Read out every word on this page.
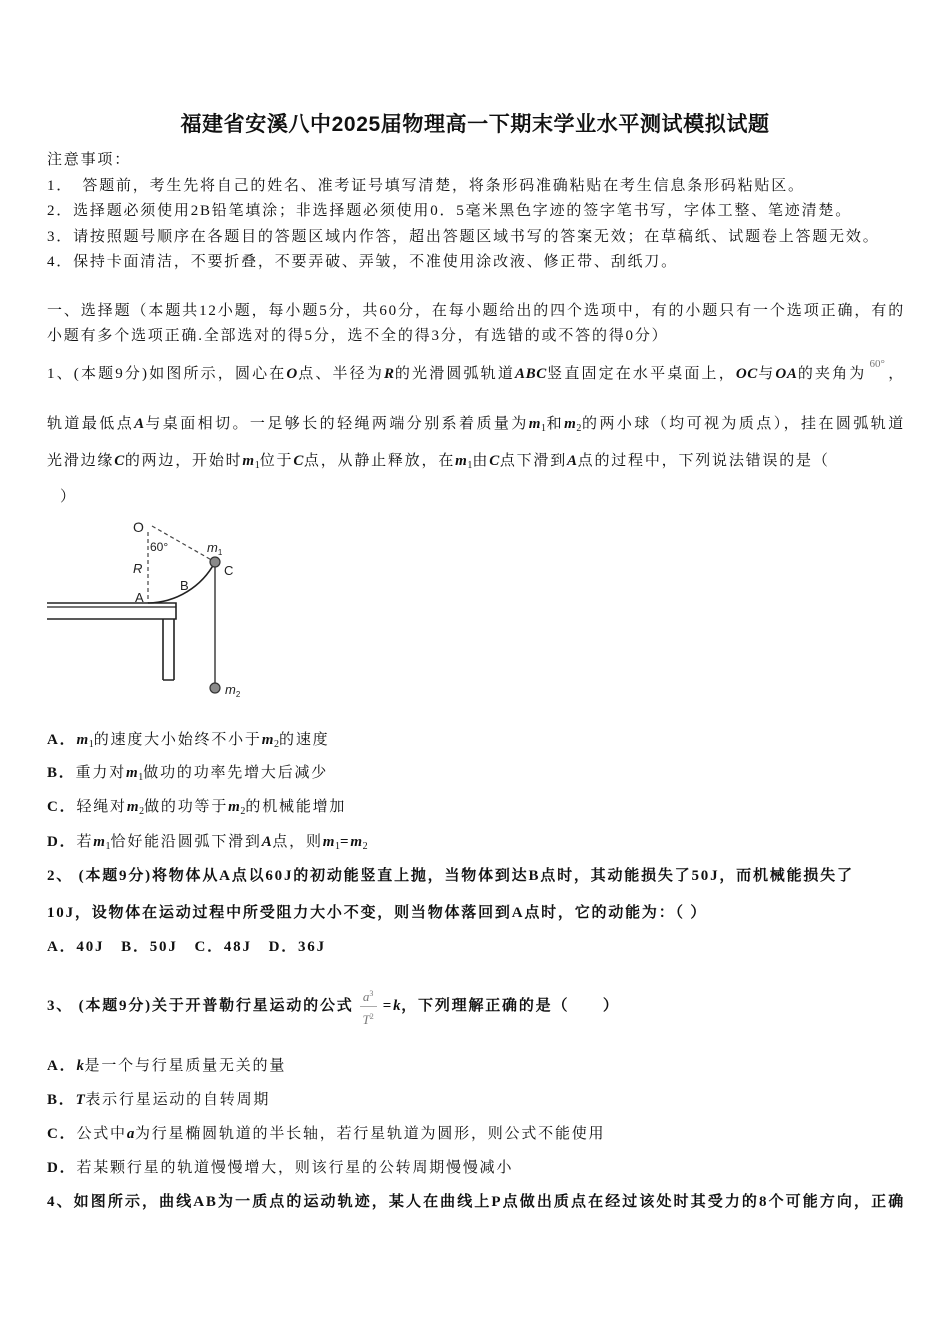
福建省安溪八中2025届物理高一下期末学业水平测试模拟试题
注意事项：
1．　答题前，考生先将自己的姓名、准考证号填写清楚，将条形码准确粘贴在考生信息条形码粘贴区。
2．选择题必须使用2B铅笔填涂；非选择题必须使用0．5毫米黑色字迹的签字笔书写，字体工整、笔迹清楚。
3．请按照题号顺序在各题目的答题区域内作答，超出答题区域书写的答案无效；在草稿纸、试题卷上答题无效。
4．保持卡面清洁，不要折叠，不要弄破、弄皱，不准使用涂改液、修正带、刮纸刀。
一、选择题（本题共12小题，每小题5分，共60分，在每小题给出的四个选项中，有的小题只有一个选项正确，有的
小题有多个选项正确.全部选对的得5分，选不全的得3分，有选错的或不答的得0分）
1、(本题9分)如图所示，圆心在O点、半径为R的光滑圆弧轨道ABC竖直固定在水平桌面上，OC与OA的夹角为$^{60^\circ}$，
轨道最低点A与桌面相切。一足够长的轻绳两端分别系着质量为$m_1$和$m_2$的两小球（均可视为质点），挂在圆弧轨道
光滑边缘C的两边，开始时$m_1$位于C点，从静止释放，在$m_1$由C点下滑到A点的过程中，下列说法错误的是（
）
O
60°
R
A
B
C
$m_1$
$m_2$
A．$m_1$的速度大小始终不小于$m_2$的速度
B．重力对$m_1$做功的功率先增大后减少
C．轻绳对$m_2$做的功等于$m_2$的机械能增加
D．若$m_1$恰好能沿圆弧下滑到A点，则$m_1=m_2$
2、 (本题9分)将物体从A点以60J的初动能竖直上抛，当物体到达B点时，其动能损失了50J，而机械能损失了
10J，设物体在运动过程中所受阻力大小不变，则当物体落回到A点时，它的动能为：（ ）
A．40J　B．50J　C．48J　D．36J
3、 (本题9分)关于开普勒行星运动的公式 $\frac{a^3}{T^2} =k$，下列理解正确的是（　　）
A．k是一个与行星质量无关的量
B．T表示行星运动的自转周期
C．公式中a为行星椭圆轨道的半长轴，若行星轨道为圆形，则公式不能使用
D．若某颗行星的轨道慢慢增大，则该行星的公转周期慢慢减小
4、如图所示，曲线AB为一质点的运动轨迹，某人在曲线上P点做出质点在经过该处时其受力的8个可能方向，正确
